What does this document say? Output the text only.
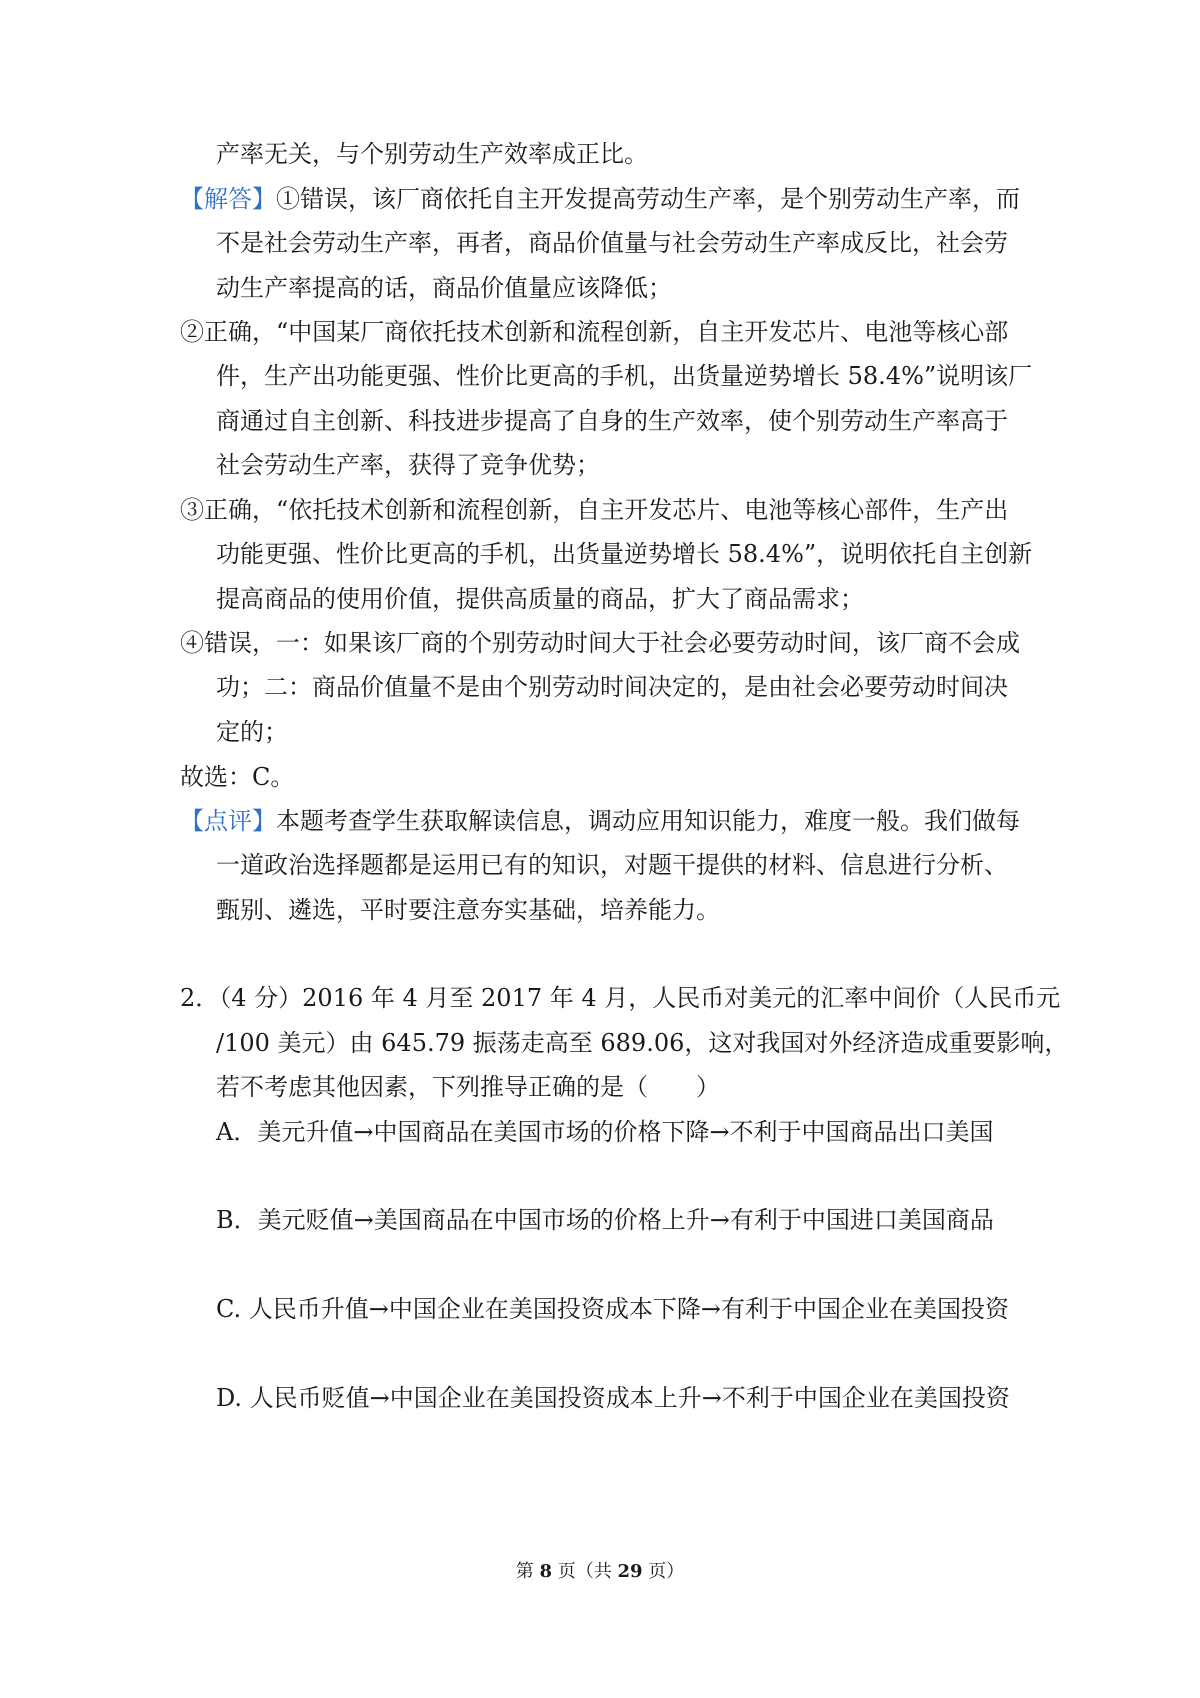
产率无关，与个别劳动生产效率成正比。
【解答】①错误，该厂商依托自主开发提高劳动生产率，是个别劳动生产率，而
不是社会劳动生产率，再者，商品价值量与社会劳动生产率成反比，社会劳
动生产率提高的话，商品价值量应该降低；
②正确，“中国某厂商依托技术创新和流程创新，自主开发芯片、电池等核心部
件，生产出功能更强、性价比更高的手机，出货量逆势增长 58.4%”说明该厂
商通过自主创新、科技进步提高了自身的生产效率，使个别劳动生产率高于
社会劳动生产率，获得了竞争优势；
③正确，“依托技术创新和流程创新，自主开发芯片、电池等核心部件，生产出
功能更强、性价比更高的手机，出货量逆势增长 58.4%”，说明依托自主创新
提高商品的使用价值，提供高质量的商品，扩大了商品需求；
④错误，一：如果该厂商的个别劳动时间大于社会必要劳动时间，该厂商不会成
功；二：商品价值量不是由个别劳动时间决定的，是由社会必要劳动时间决
定的；
故选：C。
【点评】本题考查学生获取解读信息，调动应用知识能力，难度一般。我们做每
一道政治选择题都是运用已有的知识，对题干提供的材料、信息进行分析、
甄别、遴选，平时要注意夯实基础，培养能力。
2．（4 分）2016 年 4 月至 2017 年 4 月，人民币对美元的汇率中间价（人民币元
/100 美元）由 645.79 振荡走高至 689.06，这对我国对外经济造成重要影响，
若不考虑其他因素，下列推导正确的是（　　）
A．美元升值→中国商品在美国市场的价格下降→不利于中国商品出口美国
B．美元贬值→美国商品在中国市场的价格上升→有利于中国进口美国商品
C. 人民币升值→中国企业在美国投资成本下降→有利于中国企业在美国投资
D. 人民币贬值→中国企业在美国投资成本上升→不利于中国企业在美国投资
第 8 页（共 29 页）
